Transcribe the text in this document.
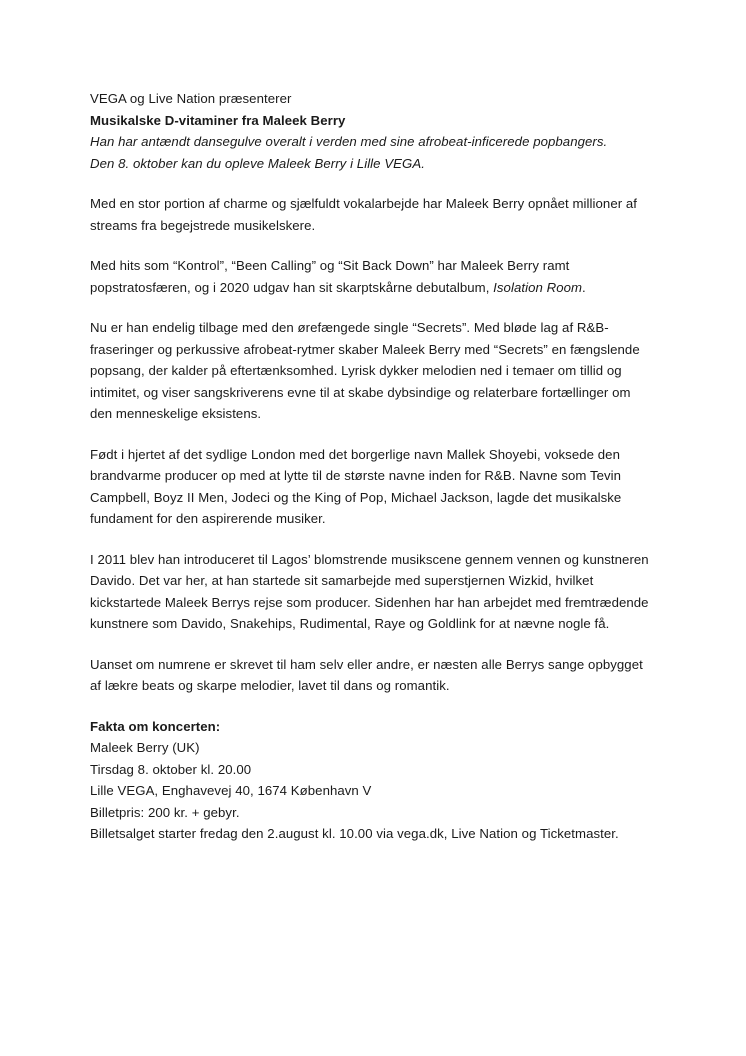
VEGA og Live Nation præsenterer
Musikalske D-vitaminer fra Maleek Berry
Han har antændt dansegulve overalt i verden med sine afrobeat-inficerede popbangers.
Den 8. oktober kan du opleve Maleek Berry i Lille VEGA.

Med en stor portion af charme og sjælfuldt vokalarbejde har Maleek Berry opnået millioner af streams fra begejstrede musikelskere.

Med hits som “Kontrol”, “Been Calling” og “Sit Back Down” har Maleek Berry ramt popstratosfæren, og i 2020 udgav han sit skarptskårne debutalbum, Isolation Room.

Nu er han endelig tilbage med den ørefængede single “Secrets”. Med bløde lag af R&B- fraseringer og perkussive afrobeat-rytmer skaber Maleek Berry med “Secrets” en fængslende popsang, der kalder på eftertænksomhed. Lyrisk dykker melodien ned i temaer om tillid og intimitet, og viser sangskriverens evne til at skabe dybsindige og relaterbare fortællinger om den menneskelige eksistens.

Født i hjertet af det sydlige London med det borgerlige navn Mallek Shoyebi, voksede den brandvarme producer op med at lytte til de største navne inden for R&B. Navne som Tevin Campbell, Boyz II Men, Jodeci og the King of Pop, Michael Jackson, lagde det musikalske fundament for den aspirerende musiker.

I 2011 blev han introduceret til Lagos’ blomstrende musikscene gennem vennen og kunstneren Davido. Det var her, at han startede sit samarbejde med superstjernen Wizkid, hvilket kickstartede Maleek Berrys rejse som producer. Sidenhen har han arbejdet med fremtrædende kunstnere som Davido, Snakehips, Rudimental, Raye og Goldlink for at nævne nogle få.

Uanset om numrene er skrevet til ham selv eller andre, er næsten alle Berrys sange opbygget af lækre beats og skarpe melodier, lavet til dans og romantik.

Fakta om koncerten:
Maleek Berry (UK)
Tirsdag 8. oktober kl. 20.00
Lille VEGA, Enghavevej 40, 1674 København V
Billetpris: 200 kr. + gebyr.
Billetsalget starter fredag den 2.august kl. 10.00 via vega.dk, Live Nation og Ticketmaster.
